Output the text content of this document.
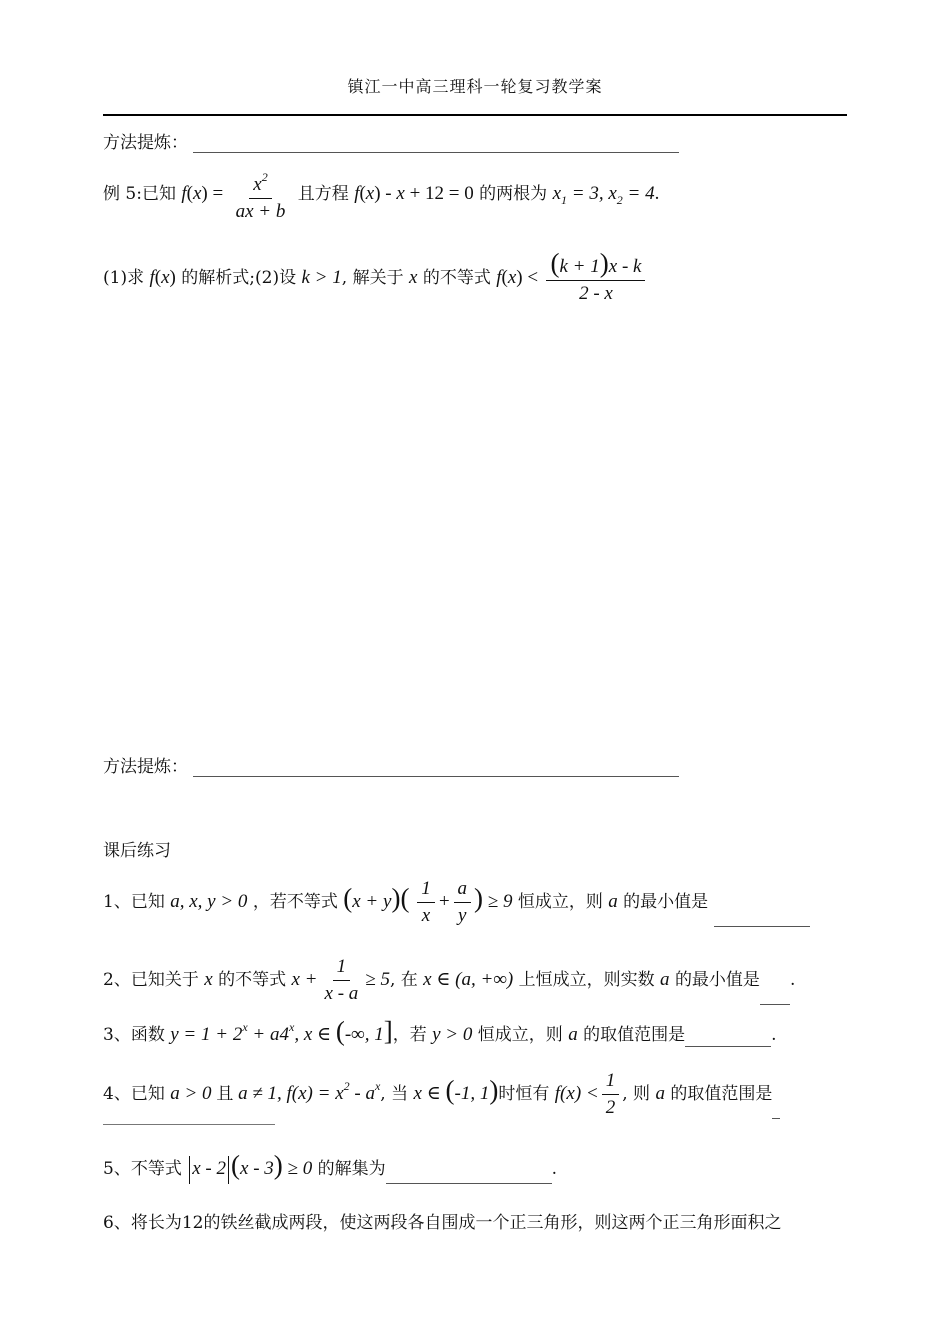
镇江一中高三理科一轮复习教学案
方法提炼：
例 5:已知 $f(x) = \frac{x^2}{ax + b}$ 且方程 f(x) - x + 12 = 0 的两根为 $x_1 = 3$, $x_2 = 4$.
(1)求 f(x) 的解析式;(2)设 k > 1, 解关于 x 的不等式 $f(x) < \frac{(k + 1)x - k}{2 - x}$
方法提炼：
课后练习
1、已知 a, x, y > 0 ，若不等式 $(x + y)( \frac{1}{x} + \frac{a}{y}$ ) ≥ 9 恒成立，则 a 的最小值是
2、已知关于 x 的不等式 $x + \frac{1}{x - a} \ge 5$, 在 x ∈ (a, +∞) 上恒成立，则实数 a 的最小值是 .
3、函数 $y = 1 + 2^x + a4^x$, x ∈ (-∞, 1]，若 y > 0 恒成立，则 a 的取值范围是	.
4、已知 a > 0 且 a ≠ 1, $f(x) = x^2 - a^x$, 当 x ∈ (-1, 1)时恒有 $f(x) < \frac{1}{2}$ , 则 a 的取值范围是
5、不等式 x - 2 (x - 3) ≥ 0 的解集为	.
6、将长为12的铁丝截成两段，使这两段各自围成一个正三角形，则这两个正三角形面积之
